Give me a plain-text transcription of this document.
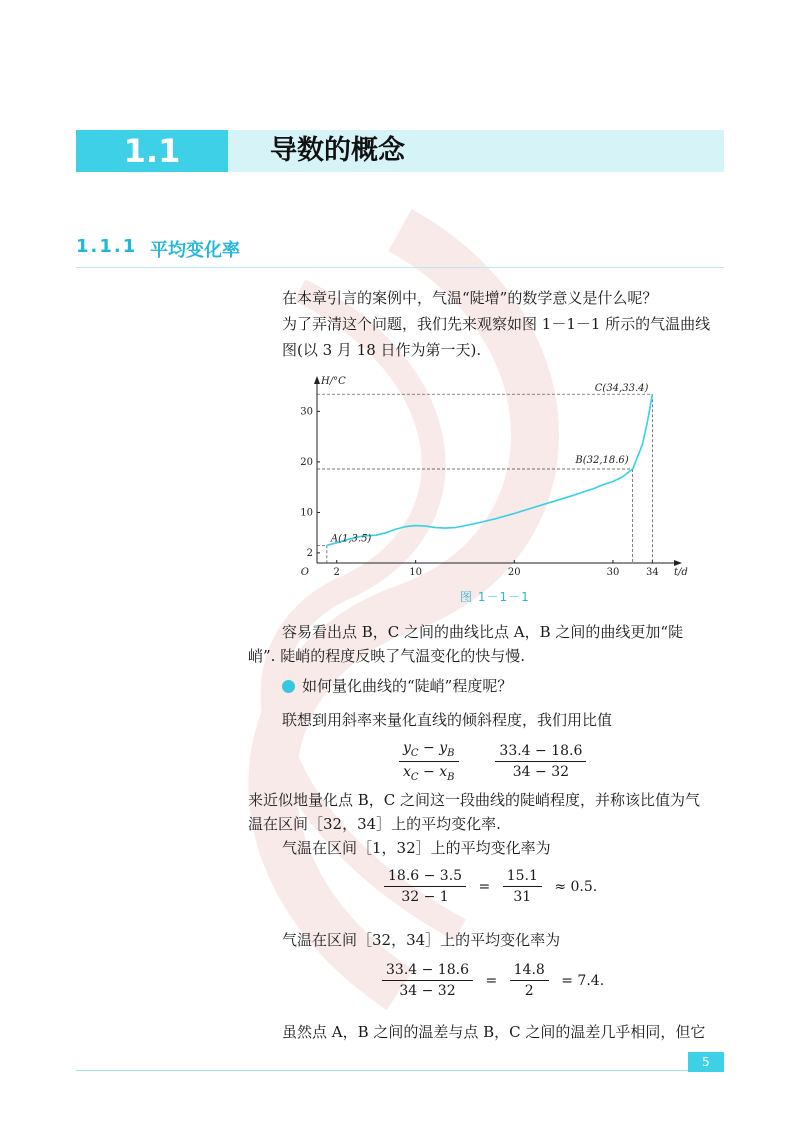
1.1	导数的概念
1.1.1 平均变化率
在本章引言的案例中，气温“陡增”的数学意义是什么呢？
为了弄清这个问题，我们先来观察如图 1－1－1 所示的气温曲线
图(以 3 月 18 日作为第一天).
2	10	20	30	34
2
10
20
30
O
H/°C
t/d
A(1,3.5)
B(32,18.6)
C(34,33.4)
图 1－1－1
容易看出点 B，C 之间的曲线比点 A，B 之间的曲线更加“陡
峭”. 陡峭的程度反映了气温变化的快与慢.
如何量化曲线的“陡峭”程度呢？
联想到用斜率来量化直线的倾斜程度，我们用比值
$\frac{y_C - y_B}{x_C - x_B}$
	$\frac{33.4 - 18.6}{34 - 32}$
来近似地量化点 B，C 之间这一段曲线的陡峭程度，并称该比值为气
温在区间［32，34］上的平均变化率.
气温在区间［1，32］上的平均变化率为
$\frac{18.6 - 3.5}{32 - 1} = \frac{15.1}{31} \approx 0.5$.
气温在区间［32，34］上的平均变化率为
$\frac{33.4 - 18.6}{34 - 32} = \frac{14.8}{2} = 7.4$.
虽然点 A，B 之间的温差与点 B，C 之间的温差几乎相同，但它
5
